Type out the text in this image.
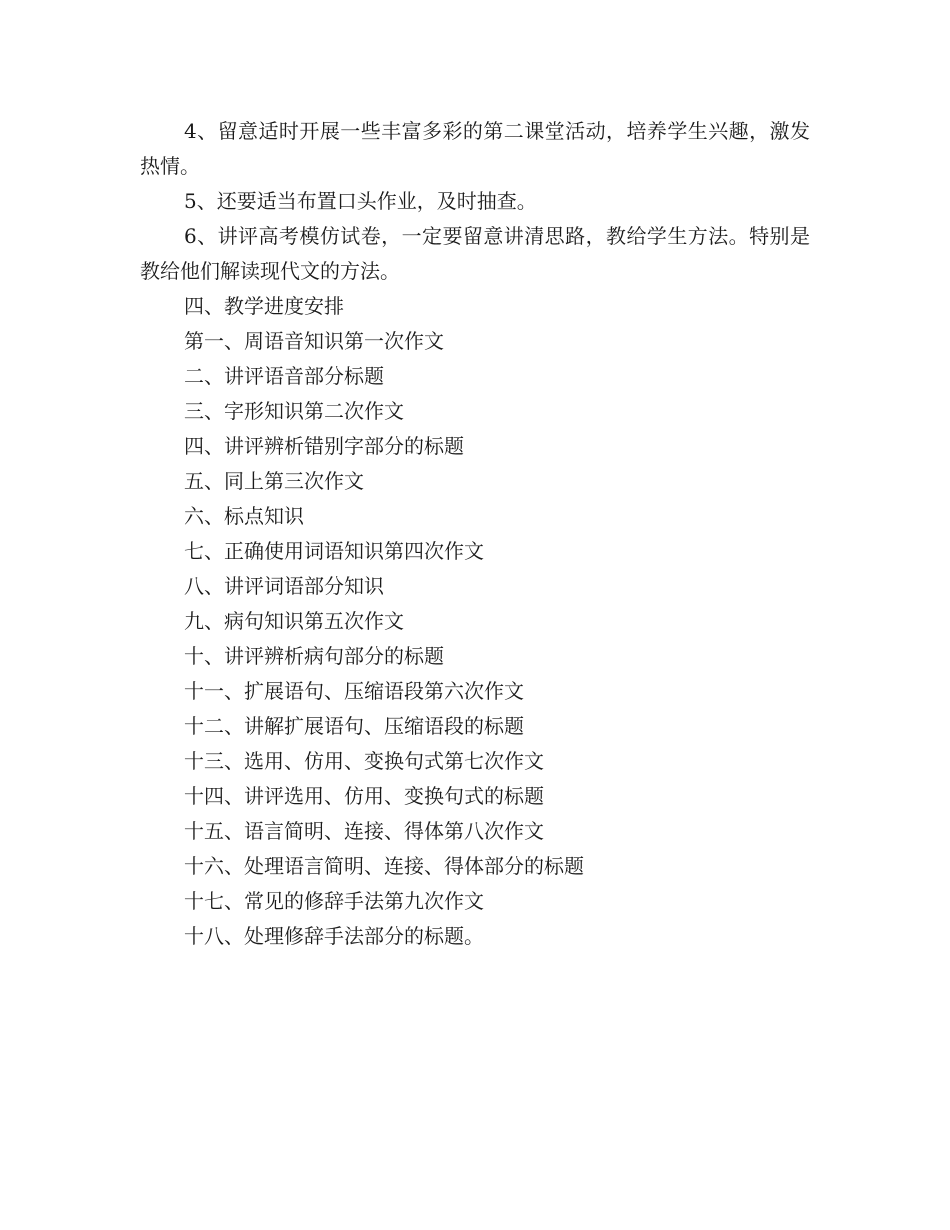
4、留意适时开展一些丰富多彩的第二课堂活动，培养学生兴趣，激发热情。

5、还要适当布置口头作业，及时抽查。

6、讲评高考模仿试卷，一定要留意讲清思路，教给学生方法。特别是教给他们解读现代文的方法。

四、教学进度安排

第一、周语音知识第一次作文

二、讲评语音部分标题

三、字形知识第二次作文

四、讲评辨析错别字部分的标题

五、同上第三次作文

六、标点知识

七、正确使用词语知识第四次作文

八、讲评词语部分知识

九、病句知识第五次作文

十、讲评辨析病句部分的标题

十一、扩展语句、压缩语段第六次作文

十二、讲解扩展语句、压缩语段的标题

十三、选用、仿用、变换句式第七次作文

十四、讲评选用、仿用、变换句式的标题

十五、语言简明、连接、得体第八次作文

十六、处理语言简明、连接、得体部分的标题

十七、常见的修辞手法第九次作文

十八、处理修辞手法部分的标题。
